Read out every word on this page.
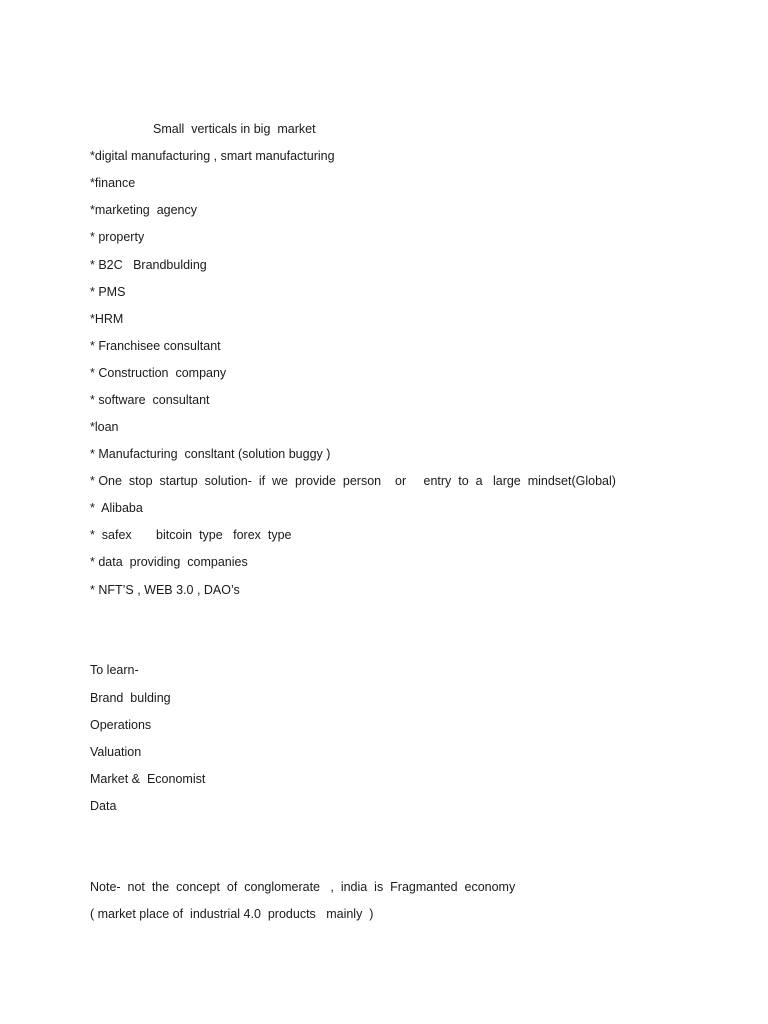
Small  verticals in big  market
*digital manufacturing , smart manufacturing
*finance
*marketing  agency
* property
* B2C   Brandbulding
* PMS
*HRM
* Franchisee consultant
* Construction  company
* software  consultant
*loan
* Manufacturing  consltant (solution buggy )
* One  stop  startup  solution-  if  we  provide  person    or     entry  to  a   large  mindset(Global)
*  Alibaba
*  safex       bitcoin  type   forex  type
* data  providing  companies
* NFT’S , WEB 3.0 , DAO’s
To learn-
Brand  bulding
Operations
Valuation
Market &  Economist
Data
Note-  not  the  concept  of  conglomerate   ,  india  is  Fragmanted  economy
( market place of  industrial 4.0  products   mainly  )
